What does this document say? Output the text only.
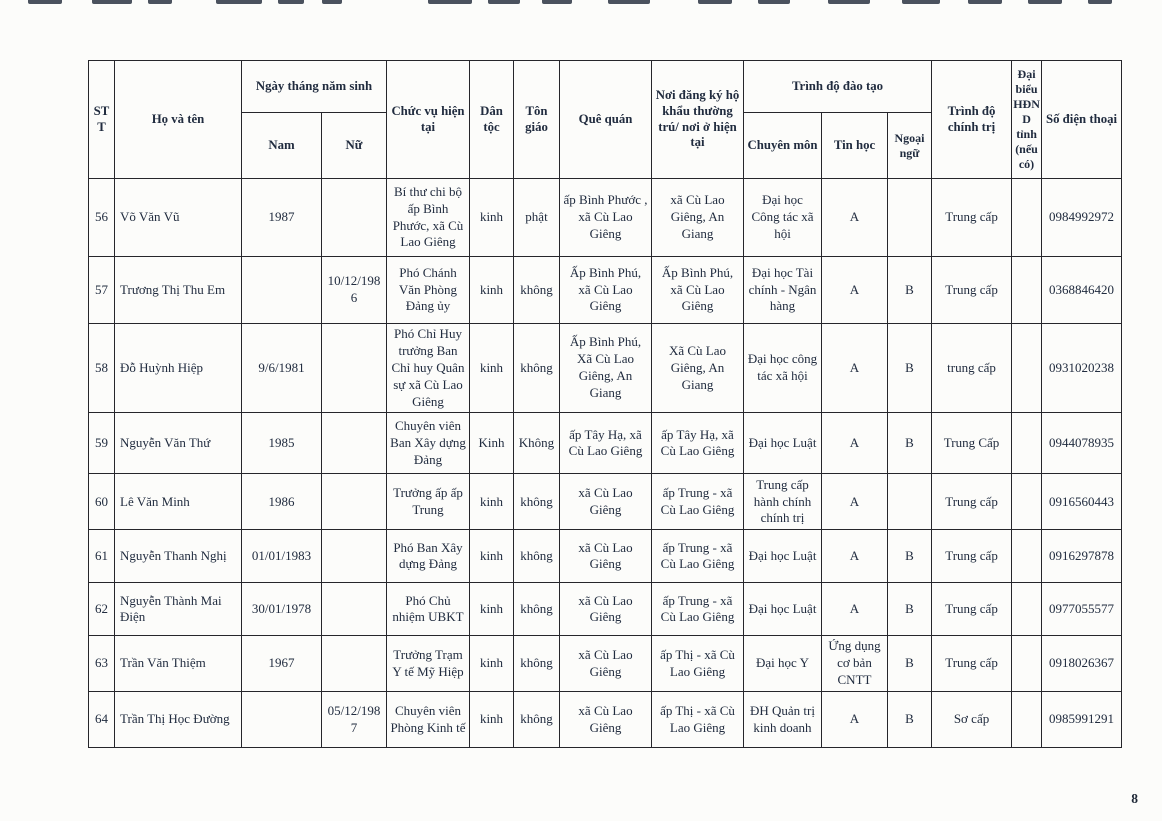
STT	Họ và tên	Ngày tháng năm sinh		Chức vụ hiện tại	Dân tộc	Tôn giáo	Quê quán	Nơi đăng ký hộ khẩu thường trú/ nơi ở hiện tại	Trình độ đào tạo			Trình độ chính trị	Đại biểu HĐND tỉnh (nếu có)	Số điện thoại
		Nam	Nữ						Chuyên môn	Tin học	Ngoại ngữ			
56	Võ Văn Vũ	1987		Bí thư chi bộ ấp Bình Phước, xã Cù Lao Giêng	kinh	phật	ấp Bình Phước , xã Cù Lao Giêng	xã Cù Lao Giêng, An Giang	Đại học Công tác xã hội	A		Trung cấp		0984992972
57	Trương Thị Thu Em		10/12/1986	Phó Chánh Văn Phòng Đảng ủy	kinh	không	Ấp Bình Phú, xã Cù Lao Giêng	Ấp Bình Phú, xã Cù Lao Giêng	Đại học Tài chính - Ngân hàng	A	B	Trung cấp		0368846420
58	Đỗ Huỳnh Hiệp	9/6/1981		Phó Chỉ Huy trưởng Ban Chỉ huy Quân sự xã Cù Lao Giêng	kinh	không	Ấp Bình Phú, Xã Cù Lao Giêng, An Giang	Xã Cù Lao Giêng, An Giang	Đại học công tác xã hội	A	B	trung cấp		0931020238
59	Nguyễn Văn Thứ	1985		Chuyên viên Ban Xây dựng Đảng	Kinh	Không	ấp Tây Hạ, xã Cù Lao Giêng	ấp Tây Hạ, xã Cù Lao Giêng	Đại học Luật	A	B	Trung Cấp		0944078935
60	Lê Văn Minh	1986		Trưởng ấp ấp Trung	kinh	không	xã Cù Lao Giêng	ấp Trung - xã Cù Lao Giêng	Trung cấp hành chính chính trị	A		Trung cấp		0916560443
61	Nguyễn Thanh Nghị	01/01/1983		Phó Ban Xây dựng Đảng	kinh	không	xã Cù Lao Giêng	ấp Trung - xã Cù Lao Giêng	Đại học Luật	A	B	Trung cấp		0916297878
62	Nguyễn Thành Mai Điện	30/01/1978		Phó Chủ nhiệm UBKT	kinh	không	xã Cù Lao Giêng	ấp Trung - xã Cù Lao Giêng	Đại học Luật	A	B	Trung cấp		0977055577
63	Trần Văn Thiệm	1967		Trưởng Trạm Y tế Mỹ Hiệp	kinh	không	xã Cù Lao Giêng	ấp Thị - xã Cù Lao Giêng	Đại học Y	Ứng dụng cơ bản CNTT	B	Trung cấp		0918026367
64	Trần Thị Học Đường		05/12/1987	Chuyên viên Phòng Kinh tế	kinh	không	xã Cù Lao Giêng	ấp Thị - xã Cù Lao Giêng	ĐH Quản trị kinh doanh	A	B	Sơ cấp		0985991291
8
